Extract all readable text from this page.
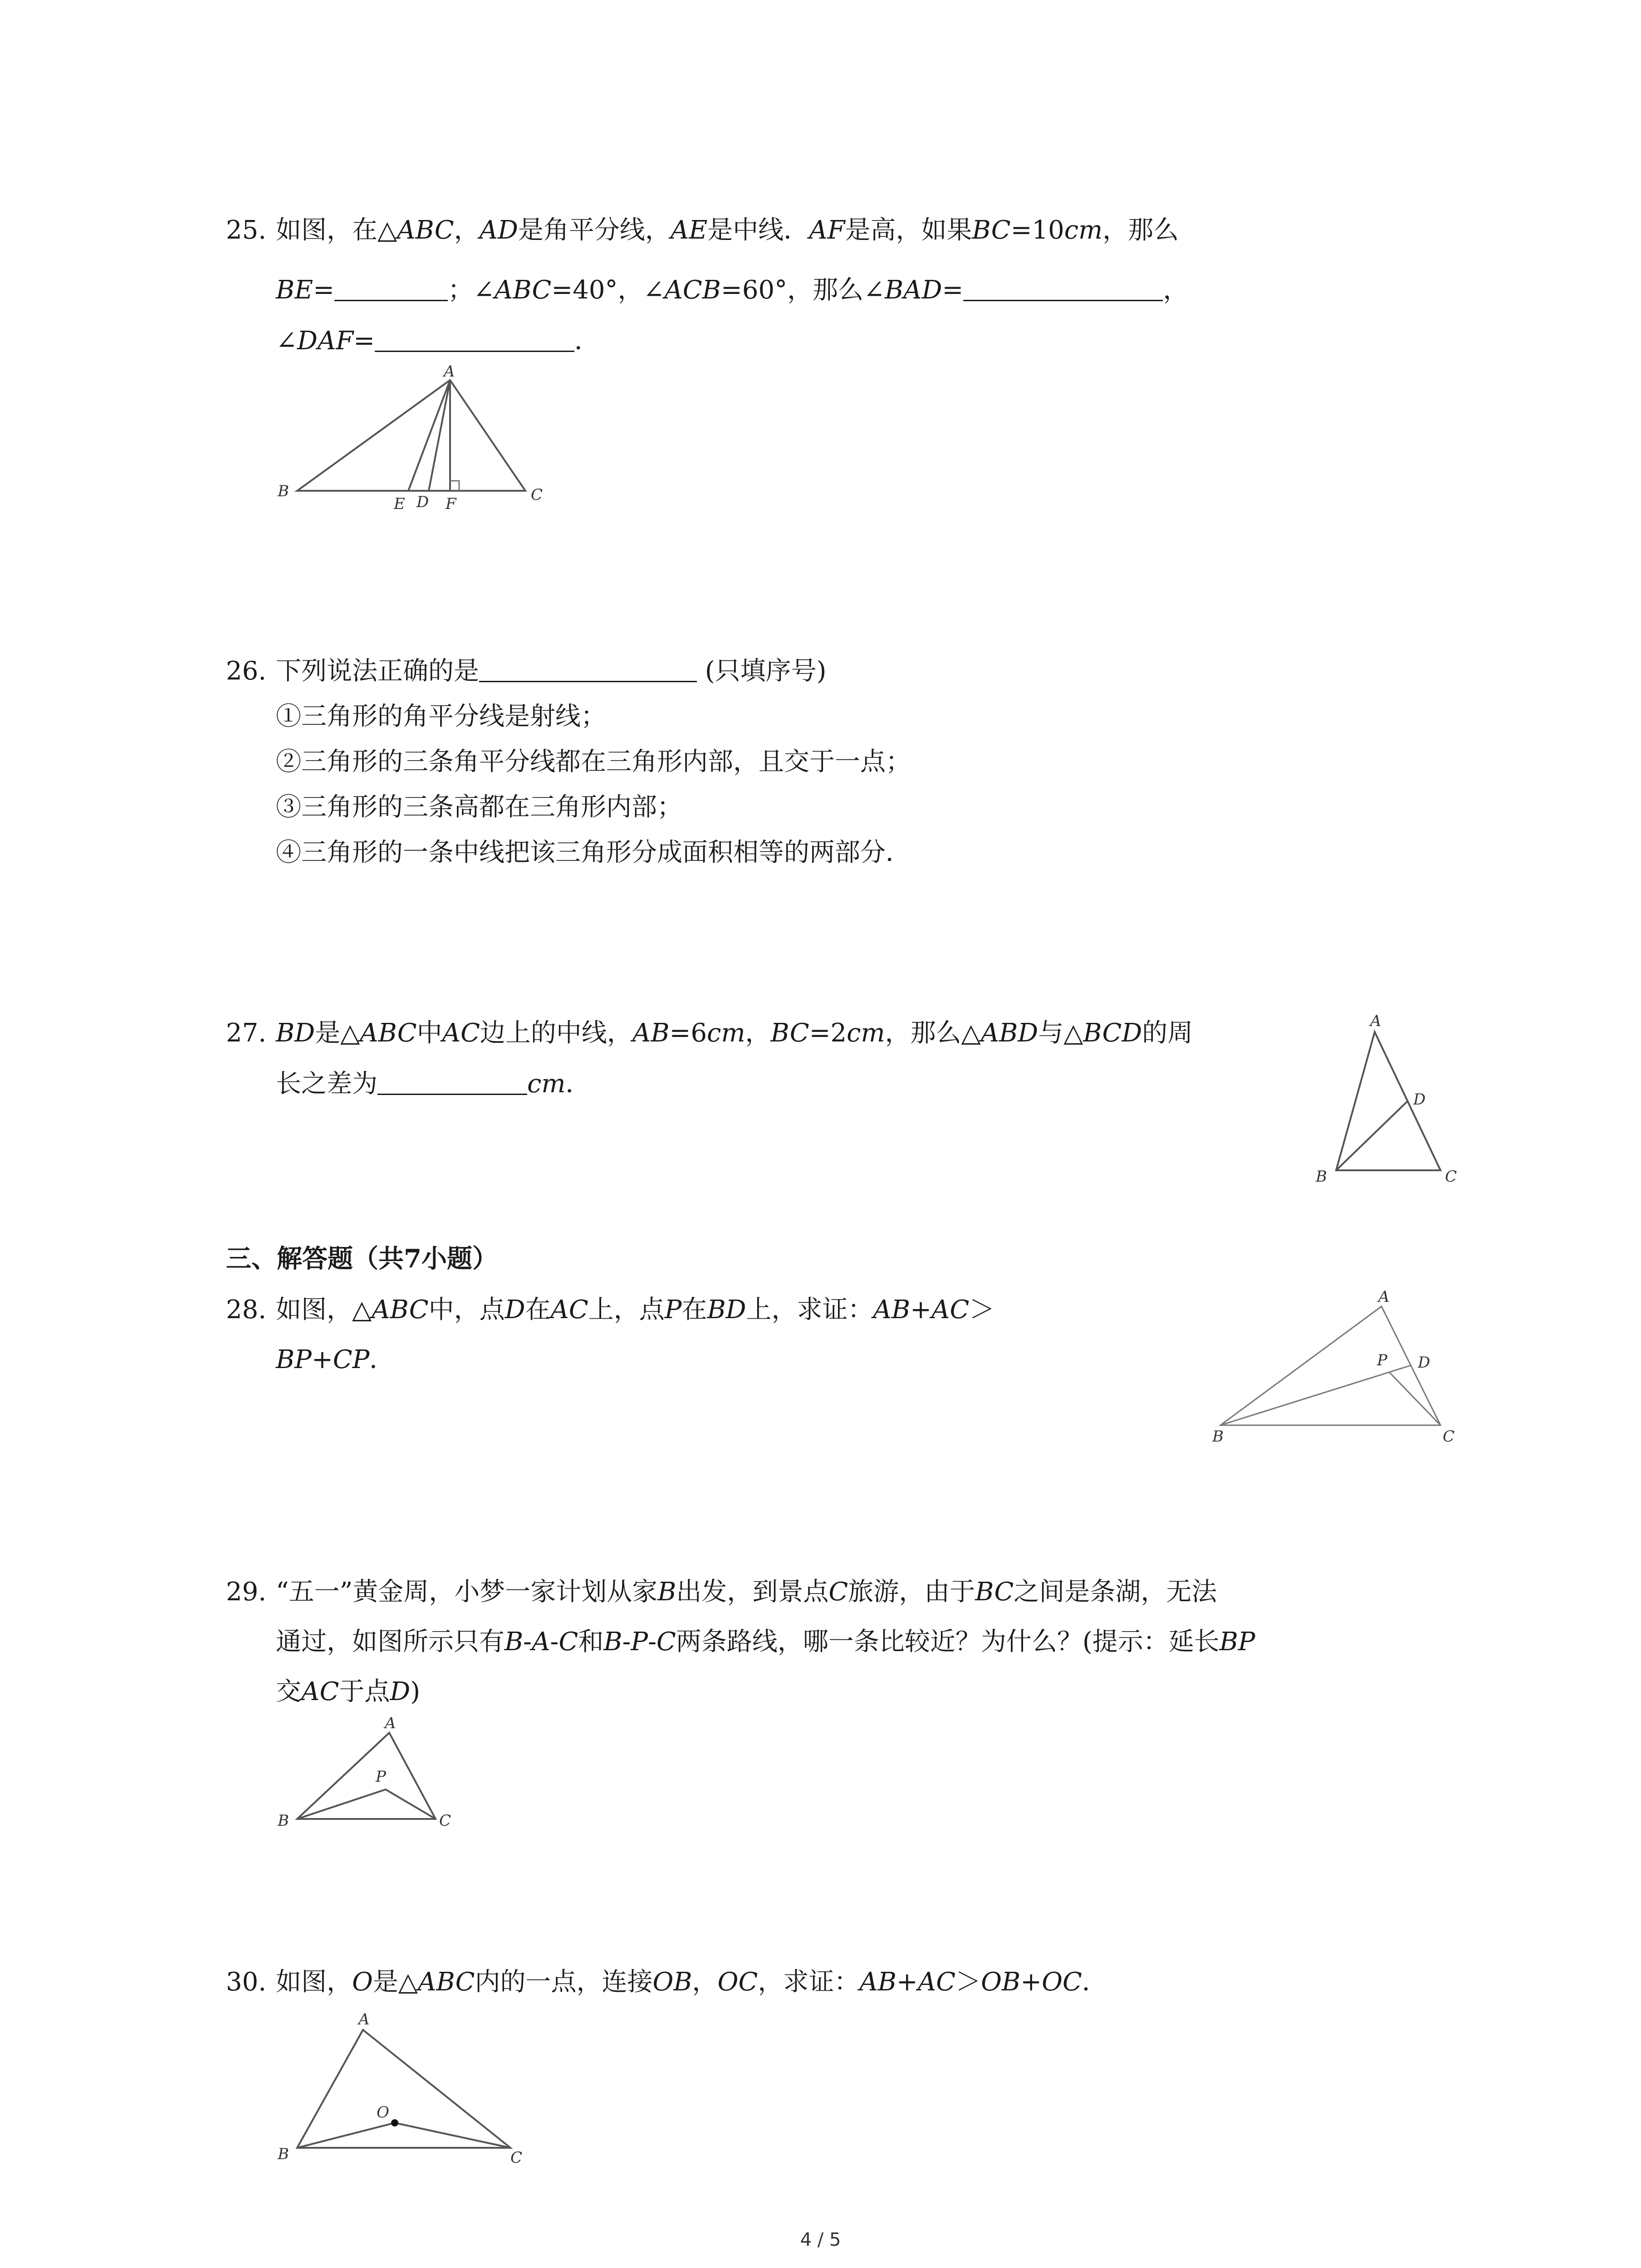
25. 如图，在△ABC，AD是角平分线，AE是中线．AF是高，如果BC=10cm，那么
BE=	；∠ABC=40°，∠ACB=60°，那么∠BAD=	，
∠DAF=	．
A
B	C
E D F
26. 下列说法正确的是	(只填序号)
①三角形的角平分线是射线；
②三角形的三条角平分线都在三角形内部，且交于一点；
③三角形的三条高都在三角形内部；
④三角形的一条中线把该三角形分成面积相等的两部分．
27. BD是△ABC中AC边上的中线，AB=6cm，BC=2cm，那么△ABD与△BCD的周
长之差为	cm．
A
B	C
D
三、解答题（共7小题）
28. 如图，△ABC中，点D在AC上，点P在BD上，求证：AB+AC＞
BP+CP．
A
B	C
D
P
29. “五一”黄金周，小梦一家计划从家B出发，到景点C旅游，由于BC之间是条湖，无法
通过，如图所示只有B-A-C和B-P-C两条路线，哪一条比较近？为什么？(提示：延长BP
交AC于点D)
A
B	C
P
30. 如图，O是△ABC内的一点，连接OB，OC，求证：AB+AC＞OB+OC．
A
B	C
O
4 / 5
